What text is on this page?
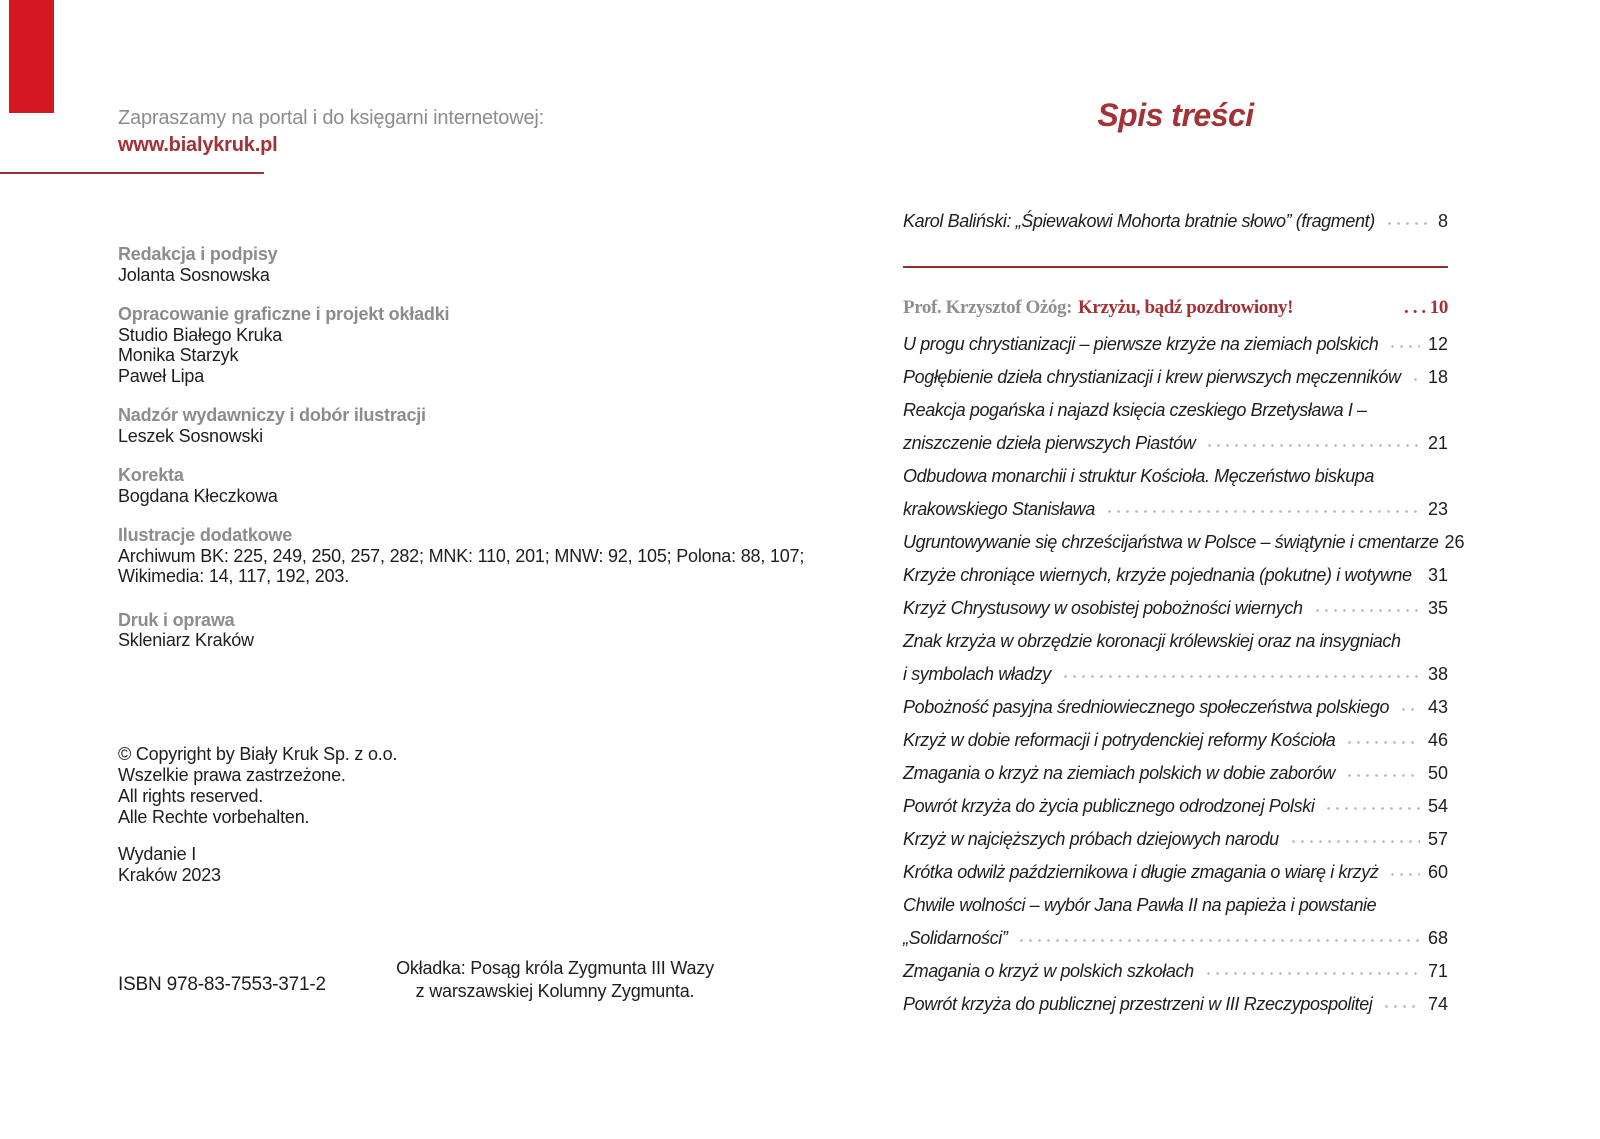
Zapraszamy na portal i do księgarni internetowej:
www.bialykruk.pl
Redakcja i podpisy
Jolanta Sosnowska
Opracowanie graficzne i projekt okładki
Studio Białego Kruka
Monika Starzyk
Paweł Lipa
Nadzór wydawniczy i dobór ilustracji
Leszek Sosnowski
Korekta
Bogdana Kłeczkowa
Ilustracje dodatkowe
Archiwum BK: 225, 249, 250, 257, 282; MNK: 110, 201; MNW: 92, 105; Polona: 88, 107;
Wikimedia: 14, 117, 192, 203.
Druk i oprawa
Skleniarz Kraków
© Copyright by Biały Kruk Sp. z o.o.
Wszelkie prawa zastrzeżone.
All rights reserved.
Alle Rechte vorbehalten.
Wydanie I
Kraków 2023
ISBN 978-83-7553-371-2
Okładka: Posąg króla Zygmunta III Wazy
z warszawskiej Kolumny Zygmunta.
Spis treści
Karol Baliński: „Śpiewakowi Mohorta bratnie słowo” (fragment)	8
Prof. Krzysztof Ożóg: Krzyżu, bądź pozdrowiony!	. . . 10
U progu chrystianizacji – pierwsze krzyże na ziemiach polskich	12
Pogłębienie dzieła chrystianizacji i krew pierwszych męczenników 18
Reakcja pogańska i najazd księcia czeskiego Brzetysława I –
zniszczenie dzieła pierwszych Piastów	21
Odbudowa monarchii i struktur Kościoła. Męczeństwo biskupa
krakowskiego Stanisława	23
Ugruntowywanie się chrześcijaństwa w Polsce – świątynie i cmentarze 26
Krzyże chroniące wiernych, krzyże pojednania (pokutne) i wotywne 31
Krzyż Chrystusowy w osobistej pobożności wiernych	35
Znak krzyża w obrzędzie koronacji królewskiej oraz na insygniach
i symbolach władzy	38
Pobożność pasyjna średniowiecznego społeczeństwa polskiego 43
Krzyż w dobie reformacji i potrydenckiej reformy Kościoła	46
Zmagania o krzyż na ziemiach polskich w dobie zaborów	50
Powrót krzyża do życia publicznego odrodzonej Polski	54
Krzyż w najcięższych próbach dziejowych narodu	57
Krótka odwilż październikowa i długie zmagania o wiarę i krzyż	60
Chwile wolności – wybór Jana Pawła II na papieża i powstanie
„Solidarności”	68
Zmagania o krzyż w polskich szkołach	71
Powrót krzyża do publicznej przestrzeni w III Rzeczypospolitej	74
